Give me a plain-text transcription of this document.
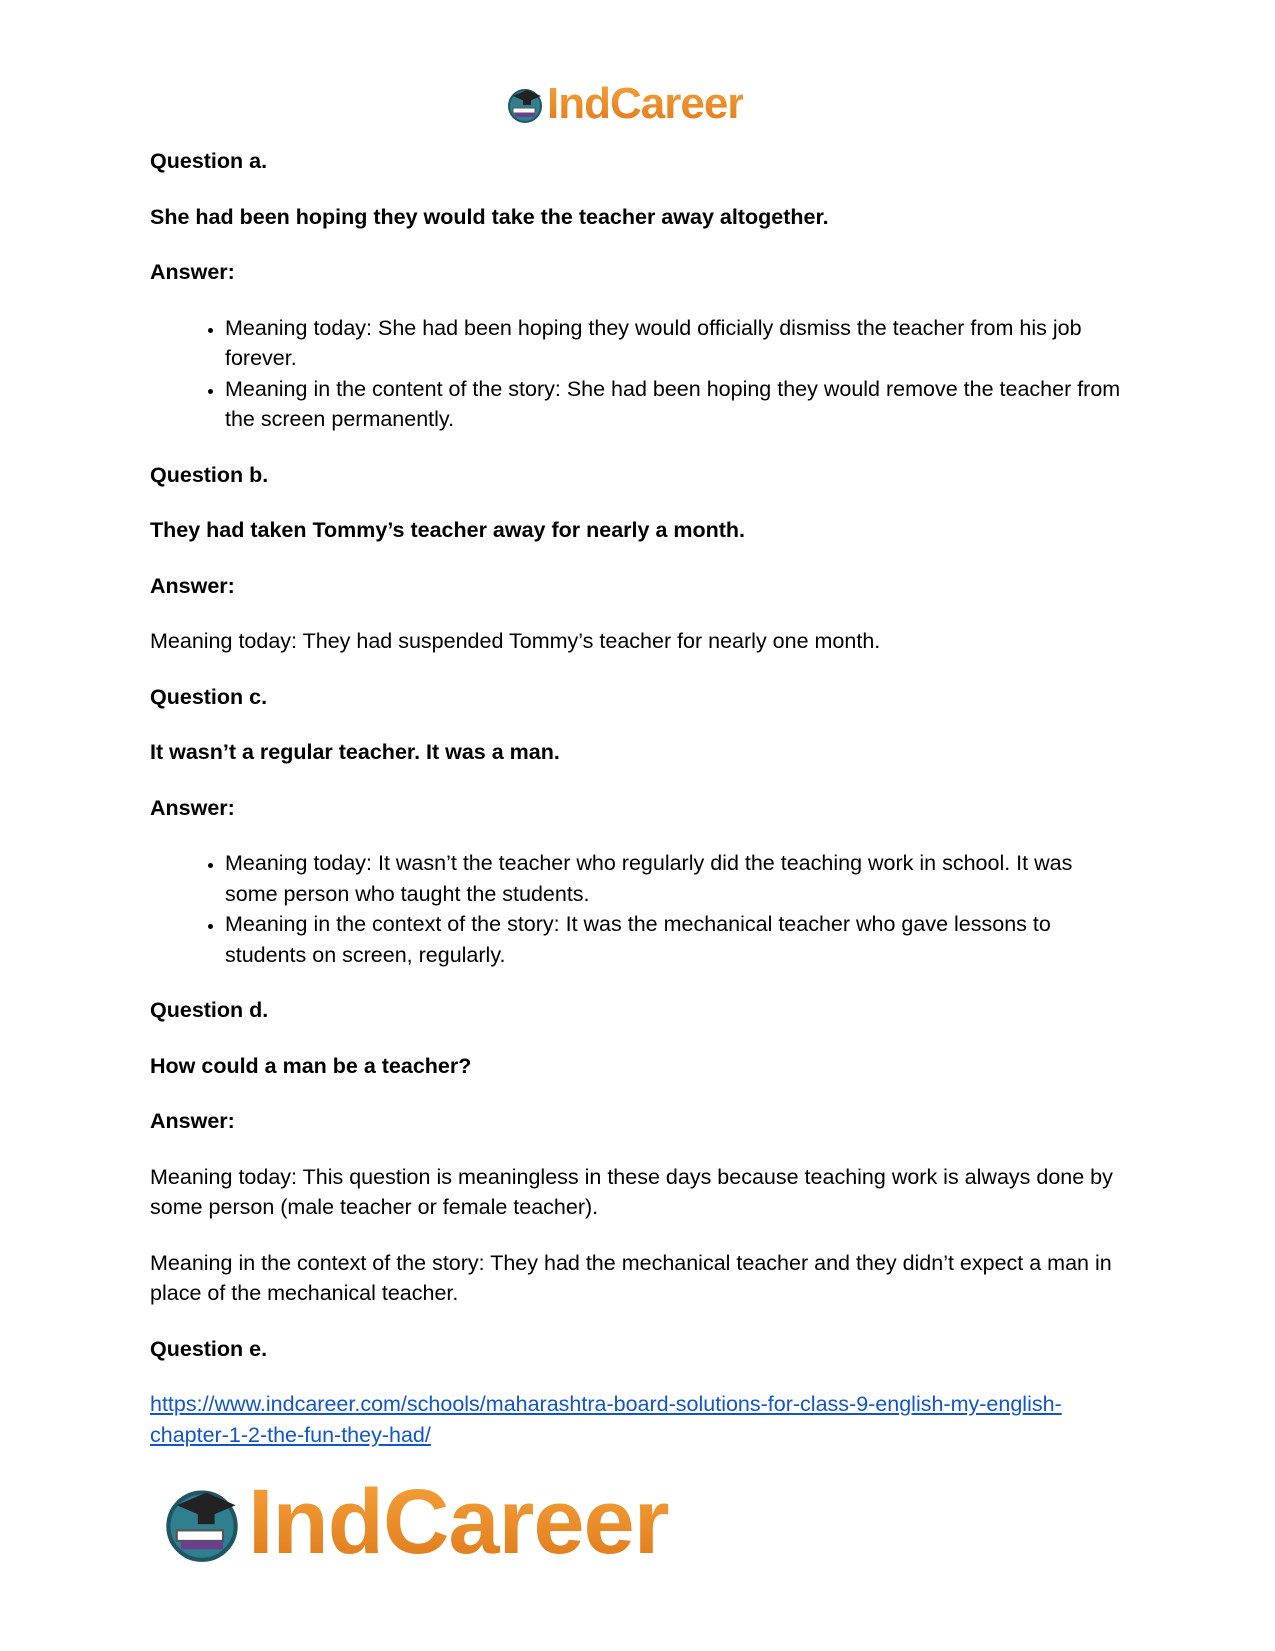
IndCareer

Question a.

She had been hoping they would take the teacher away altogether.

Answer:

• Meaning today: She had been hoping they would officially dismiss the teacher from his job forever.
• Meaning in the content of the story: She had been hoping they would remove the teacher from the screen permanently.

Question b.

They had taken Tommy’s teacher away for nearly a month.

Answer:

Meaning today: They had suspended Tommy’s teacher for nearly one month.

Question c.

It wasn’t a regular teacher. It was a man.

Answer:

• Meaning today: It wasn’t the teacher who regularly did the teaching work in school. It was some person who taught the students.
• Meaning in the context of the story: It was the mechanical teacher who gave lessons to students on screen, regularly.

Question d.

How could a man be a teacher?

Answer:

Meaning today: This question is meaningless in these days because teaching work is always done by some person (male teacher or female teacher).

Meaning in the context of the story: They had the mechanical teacher and they didn’t expect a man in place of the mechanical teacher.

Question e.

https://www.indcareer.com/schools/maharashtra-board-solutions-for-class-9-english-my-english-chapter-1-2-the-fun-they-had/
IndCareer
